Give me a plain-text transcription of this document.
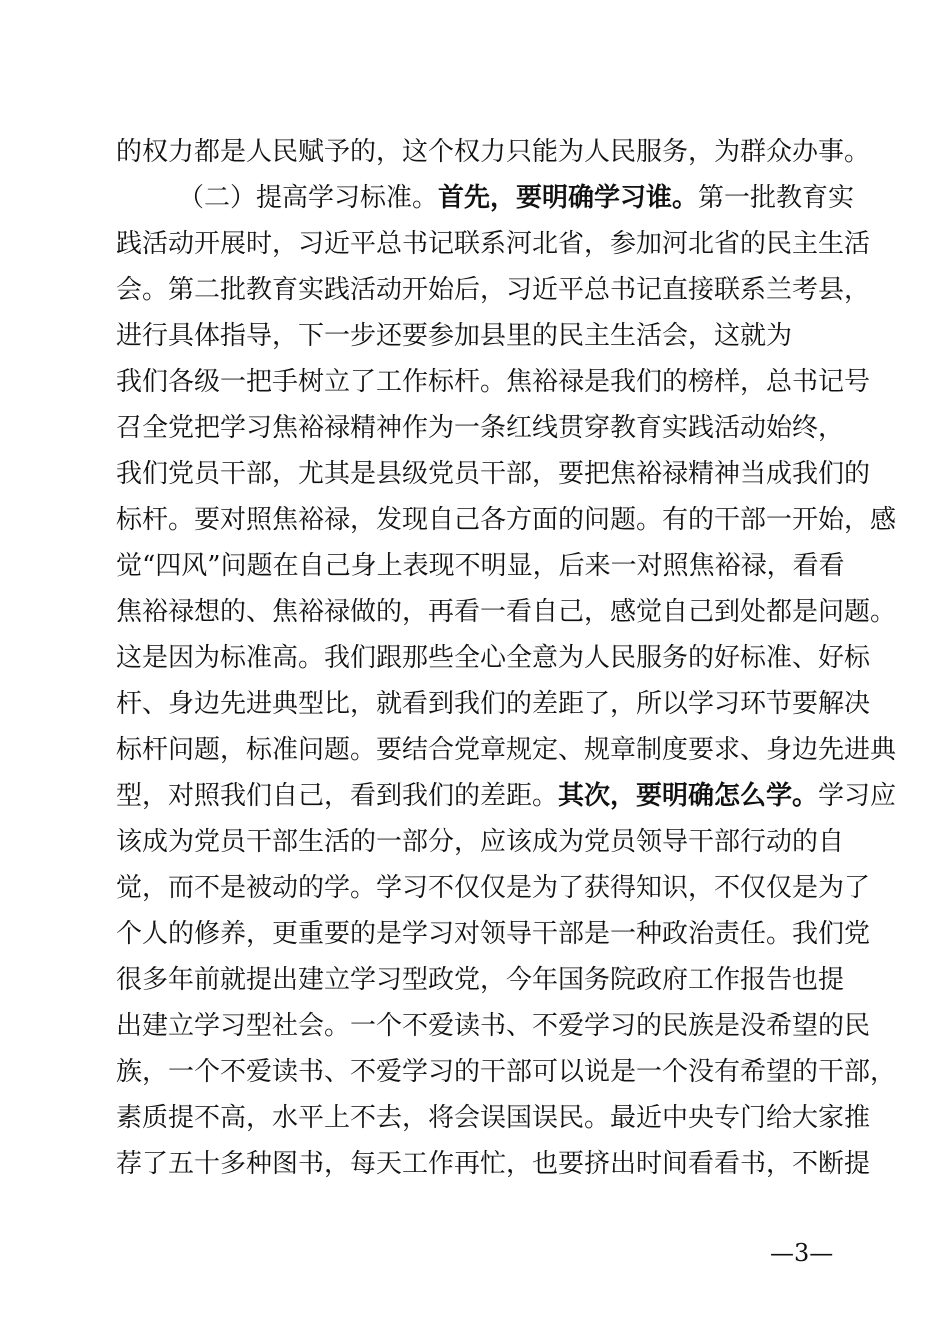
的权力都是人民赋予的，这个权力只能为人民服务，为群众办事。
（二）提高学习标准。首先，要明确学习谁。第一批教育实
践活动开展时，习近平总书记联系河北省，参加河北省的民主生活
会。第二批教育实践活动开始后，习近平总书记直接联系兰考县，
进行具体指导，下一步还要参加县里的民主生活会，这就为
我们各级一把手树立了工作标杆。焦裕禄是我们的榜样，总书记号
召全党把学习焦裕禄精神作为一条红线贯穿教育实践活动始终，
我们党员干部，尤其是县级党员干部，要把焦裕禄精神当成我们的
标杆。要对照焦裕禄，发现自己各方面的问题。有的干部一开始，感
觉“四风”问题在自己身上表现不明显，后来一对照焦裕禄，看看
焦裕禄想的、焦裕禄做的，再看一看自己，感觉自己到处都是问题。
这是因为标准高。我们跟那些全心全意为人民服务的好标准、好标
杆、身边先进典型比，就看到我们的差距了，所以学习环节要解决
标杆问题，标准问题。要结合党章规定、规章制度要求、身边先进典
型，对照我们自己，看到我们的差距。其次，要明确怎么学。学习应
该成为党员干部生活的一部分，应该成为党员领导干部行动的自
觉，而不是被动的学。学习不仅仅是为了获得知识，不仅仅是为了
个人的修养，更重要的是学习对领导干部是一种政治责任。我们党
很多年前就提出建立学习型政党，今年国务院政府工作报告也提
出建立学习型社会。一个不爱读书、不爱学习的民族是没希望的民
族，一个不爱读书、不爱学习的干部可以说是一个没有希望的干部，
素质提不高，水平上不去，将会误国误民。最近中央专门给大家推
荐了五十多种图书，每天工作再忙，也要挤出时间看看书，不断提
—3—
